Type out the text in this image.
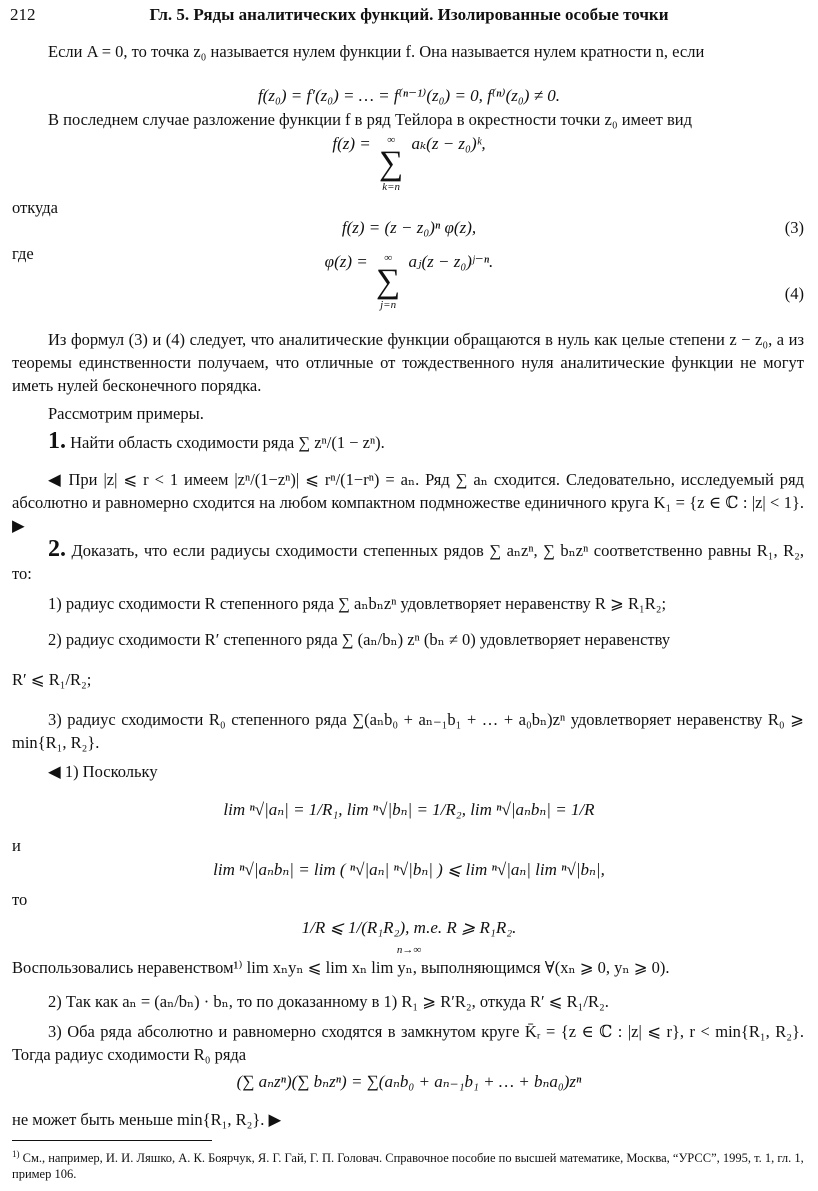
212	Гл. 5. Ряды аналитических функций. Изолированные особые точки
Если A = 0, то точка z₀ называется нулем функции f. Она называется нулем кратности n, если
f(z₀) = f′(z₀) = … = f⁽ⁿ⁻¹⁾(z₀) = 0, f⁽ⁿ⁾(z₀) ≠ 0.
В последнем случае разложение функции f в ряд Тейлора в окрестности точки z₀ имеет вид
f(z) =	∞
∑
k=n
aₖ(z − z₀)ᵏ,
откуда
f(z) = (z − z₀)ⁿ φ(z),	(3)
где	φ(z) =	∞
∑
j=n
aⱼ(z − z₀)ʲ⁻ⁿ.
(4)
Из формул (3) и (4) следует, что аналитические функции обращаются в нуль как целые степени z − z₀, а из теоремы единственности получаем, что отличные от тождественного нуля аналитические функции не могут иметь нулей бесконечного порядка.
Рассмотрим примеры.
1. Найти область сходимости ряда ∑ zⁿ/(1 − zⁿ).
◀ При |z| ⩽ r < 1 имеем |zⁿ/(1−zⁿ)| ⩽ rⁿ/(1−rⁿ) = aₙ. Ряд ∑ aₙ сходится. Следовательно, исследуемый ряд абсолютно и равномерно сходится на любом компактном подмножестве единичного круга K₁ = {z ∈ ℂ : |z| < 1}. ▶
2. Доказать, что если радиусы сходимости степенных рядов ∑ aₙzⁿ, ∑ bₙzⁿ соответственно равны R₁, R₂, то:
1) радиус сходимости R степенного ряда ∑ aₙbₙzⁿ удовлетворяет неравенству R ⩾ R₁R₂;
2) радиус сходимости R′ степенного ряда ∑ (aₙ/bₙ) zⁿ (bₙ ≠ 0) удовлетворяет неравенству
R′ ⩽ R₁/R₂;
3) радиус сходимости R₀ степенного ряда ∑(aₙb₀ + aₙ₋₁b₁ + … + a₀bₙ)zⁿ удовлетворяет неравенству R₀ ⩾ min{R₁, R₂}.
◀ 1) Поскольку
lim ⁿ√|aₙ| = 1/R₁, lim ⁿ√|bₙ| = 1/R₂, lim ⁿ√|aₙbₙ| = 1/R
и
lim ⁿ√|aₙbₙ| = lim ( ⁿ√|aₙ| ⁿ√|bₙ| ) ⩽ lim ⁿ√|aₙ| lim ⁿ√|bₙ|,
то
1/R ⩽ 1/(R₁R₂), т.е. R ⩾ R₁R₂.
n→∞
Воспользовались неравенством¹⁾ lim xₙyₙ ⩽ lim xₙ lim yₙ, выполняющимся ∀(xₙ ⩾ 0, yₙ ⩾ 0).
2) Так как aₙ = (aₙ/bₙ) · bₙ, то по доказанному в 1) R₁ ⩾ R′R₂, откуда R′ ⩽ R₁/R₂.
3) Оба ряда абсолютно и равномерно сходятся в замкнутом круге K̄ᵣ = {z ∈ ℂ : |z| ⩽ r}, r < min{R₁, R₂}. Тогда радиус сходимости R₀ ряда
(∑ aₙzⁿ)(∑ bₙzⁿ) = ∑(aₙb₀ + aₙ₋₁b₁ + … + bₙa₀)zⁿ
не может быть меньше min{R₁, R₂}. ▶
$^{1)}$ См., например, И. И. Ляшко, А. К. Боярчук, Я. Г. Гай, Г. П. Головач. Справочное пособие по высшей математике, Москва, “УРСС”, 1995, т. 1, гл. 1, пример 106.
